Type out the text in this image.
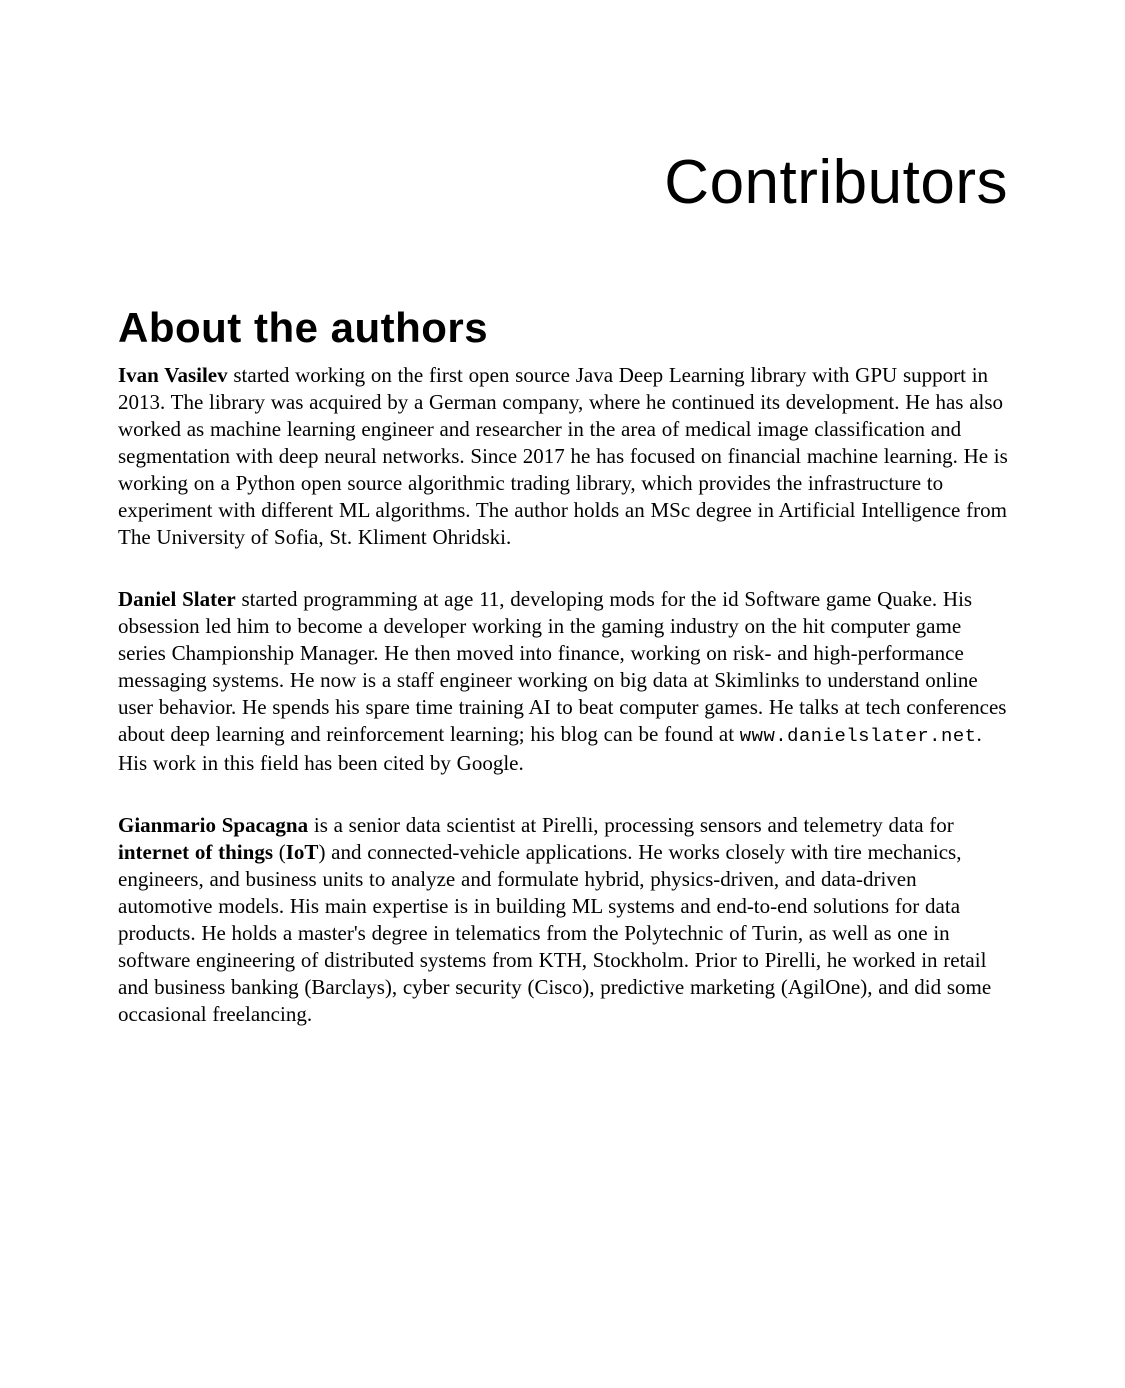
Contributors
About the authors

Ivan Vasilev started working on the first open source Java Deep Learning library with GPU support in 2013. The library was acquired by a German company, where he continued its development. He has also worked as machine learning engineer and researcher in the area of medical image classification and segmentation with deep neural networks. Since 2017 he has focused on financial machine learning. He is working on a Python open source algorithmic trading library, which provides the infrastructure to experiment with different ML algorithms. The author holds an MSc degree in Artificial Intelligence from The University of Sofia, St. Kliment Ohridski.

Daniel Slater started programming at age 11, developing mods for the id Software game Quake. His obsession led him to become a developer working in the gaming industry on the hit computer game series Championship Manager. He then moved into finance, working on risk- and high-performance messaging systems. He now is a staff engineer working on big data at Skimlinks to understand online user behavior. He spends his spare time training AI to beat computer games. He talks at tech conferences about deep learning and reinforcement learning; his blog can be found at www.danielslater.net. His work in this field has been cited by Google.

Gianmario Spacagna is a senior data scientist at Pirelli, processing sensors and telemetry data for internet of things (IoT) and connected-vehicle applications. He works closely with tire mechanics, engineers, and business units to analyze and formulate hybrid, physics-driven, and data-driven automotive models. His main expertise is in building ML systems and end-to-end solutions for data products. He holds a master's degree in telematics from the Polytechnic of Turin, as well as one in software engineering of distributed systems from KTH, Stockholm. Prior to Pirelli, he worked in retail and business banking (Barclays), cyber security (Cisco), predictive marketing (AgilOne), and did some occasional freelancing.
